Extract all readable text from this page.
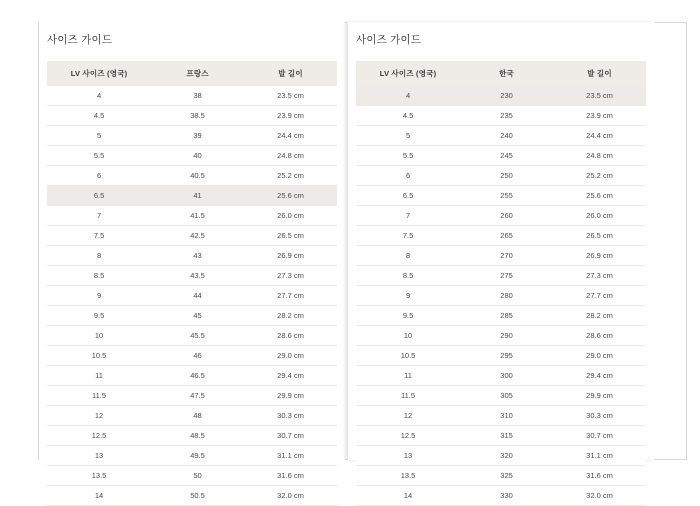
사이즈 가이드
LV 사이즈 (영국)	프랑스	발 길이
4	38	23.5 cm
4.5	38.5	23.9 cm
5	39	24.4 cm
5.5	40	24.8 cm
6	40.5	25.2 cm
6.5	41	25.6 cm
7	41.5	26.0 cm
7.5	42.5	26.5 cm
8	43	26.9 cm
8.5	43.5	27.3 cm
9	44	27.7 cm
9.5	45	28.2 cm
10	45.5	28.6 cm
10.5	46	29.0 cm
11	46.5	29.4 cm
11.5	47.5	29.9 cm
12	48	30.3 cm
12.5	48.5	30.7 cm
13	49.5	31.1 cm
13.5	50	31.6 cm
14	50.5	32.0 cm
사이즈 가이드
LV 사이즈 (영국)	한국	발 길이
4	230	23.5 cm
4.5	235	23.9 cm
5	240	24.4 cm
5.5	245	24.8 cm
6	250	25.2 cm
6.5	255	25.6 cm
7	260	26.0 cm
7.5	265	26.5 cm
8	270	26.9 cm
8.5	275	27.3 cm
9	280	27.7 cm
9.5	285	28.2 cm
10	290	28.6 cm
10.5	295	29.0 cm
11	300	29.4 cm
11.5	305	29.9 cm
12	310	30.3 cm
12.5	315	30.7 cm
13	320	31.1 cm
13.5	325	31.6 cm
14	330	32.0 cm
